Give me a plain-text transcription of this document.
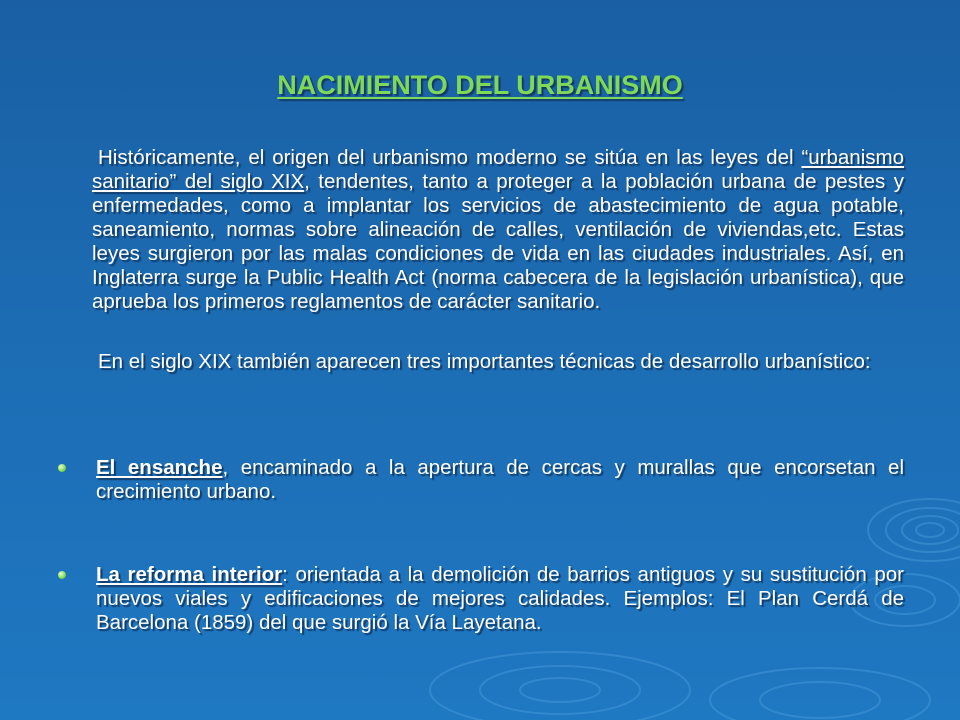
NACIMIENTO DEL URBANISMO
Históricamente, el origen del urbanismo moderno se sitúa en las leyes del “urbanismo sanitario” del siglo XIX, tendentes, tanto a proteger a la población urbana de pestes y enfermedades, como a implantar los servicios de abastecimiento de agua potable, saneamiento, normas sobre alineación de calles, ventilación de viviendas,etc. Estas leyes surgieron por las malas condiciones de vida en las ciudades industriales. Así, en Inglaterra surge la Public Health Act (norma cabecera de la legislación urbanística), que aprueba los primeros reglamentos de carácter sanitario.
En el siglo XIX también aparecen tres importantes técnicas de desarrollo urbanístico:
El ensanche, encaminado a la apertura de cercas y murallas que encorsetan el crecimiento urbano.
La reforma interior: orientada a la demolición de barrios antiguos y su sustitución por nuevos viales y edificaciones de mejores calidades. Ejemplos: El Plan Cerdá de Barcelona (1859) del que surgió la Vía Layetana.
